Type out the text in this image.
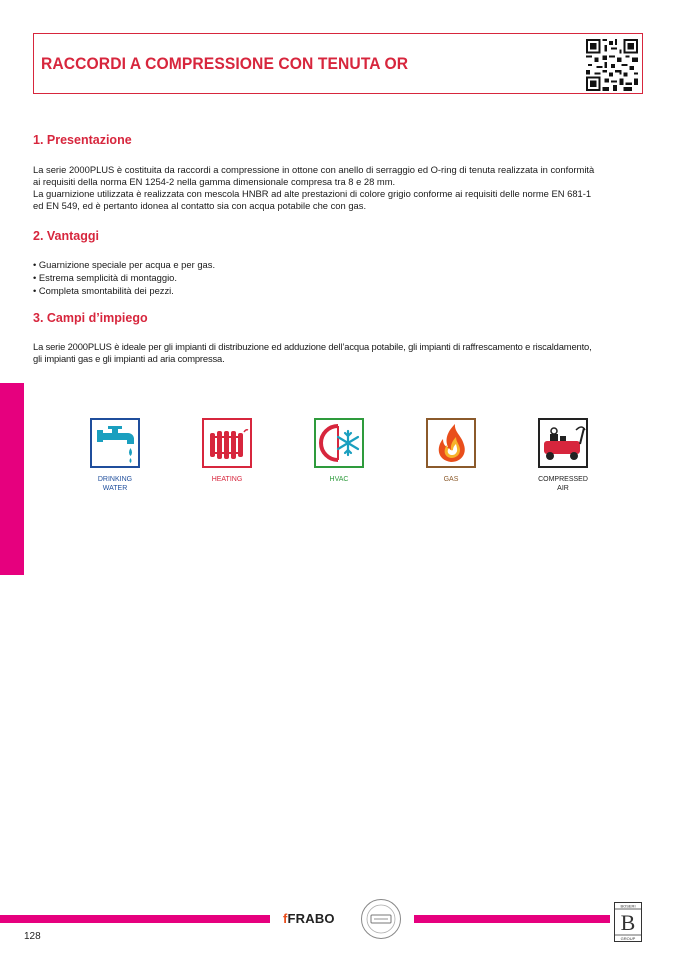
RACCORDI A COMPRESSIONE CON TENUTA OR
1. Presentazione

La serie 2000PLUS è costituita da raccordi a compressione in ottone con anello di serraggio ed O-ring di tenuta realizzata in conformità
ai requisiti della norma EN 1254-2 nella gamma dimensionale compresa tra 8 e 28 mm.
La guarnizione utilizzata è realizzata con mescola HNBR ad alte prestazioni di colore grigio conforme ai requisiti delle norme EN 681-1
ed EN 549, ed è pertanto idonea al contatto sia con acqua potabile che con gas.

2. Vantaggi
• Guarnizione speciale per acqua e per gas.
• Estrema semplicità di montaggio.
• Completa smontabilità dei pezzi.
3. Campi d’impiego

La serie 2000PLUS è ideale per gli impianti di distribuzione ed adduzione dell’acqua potabile, gli impianti di raffrescamento e riscaldamento,
gli impianti gas e gli impianti ad aria compressa.

DRINKING
WATER
HEATING	HVAC	GAS	COMPRESSED
AIR
fFRABO
BOSERI
B
GROUP
128
